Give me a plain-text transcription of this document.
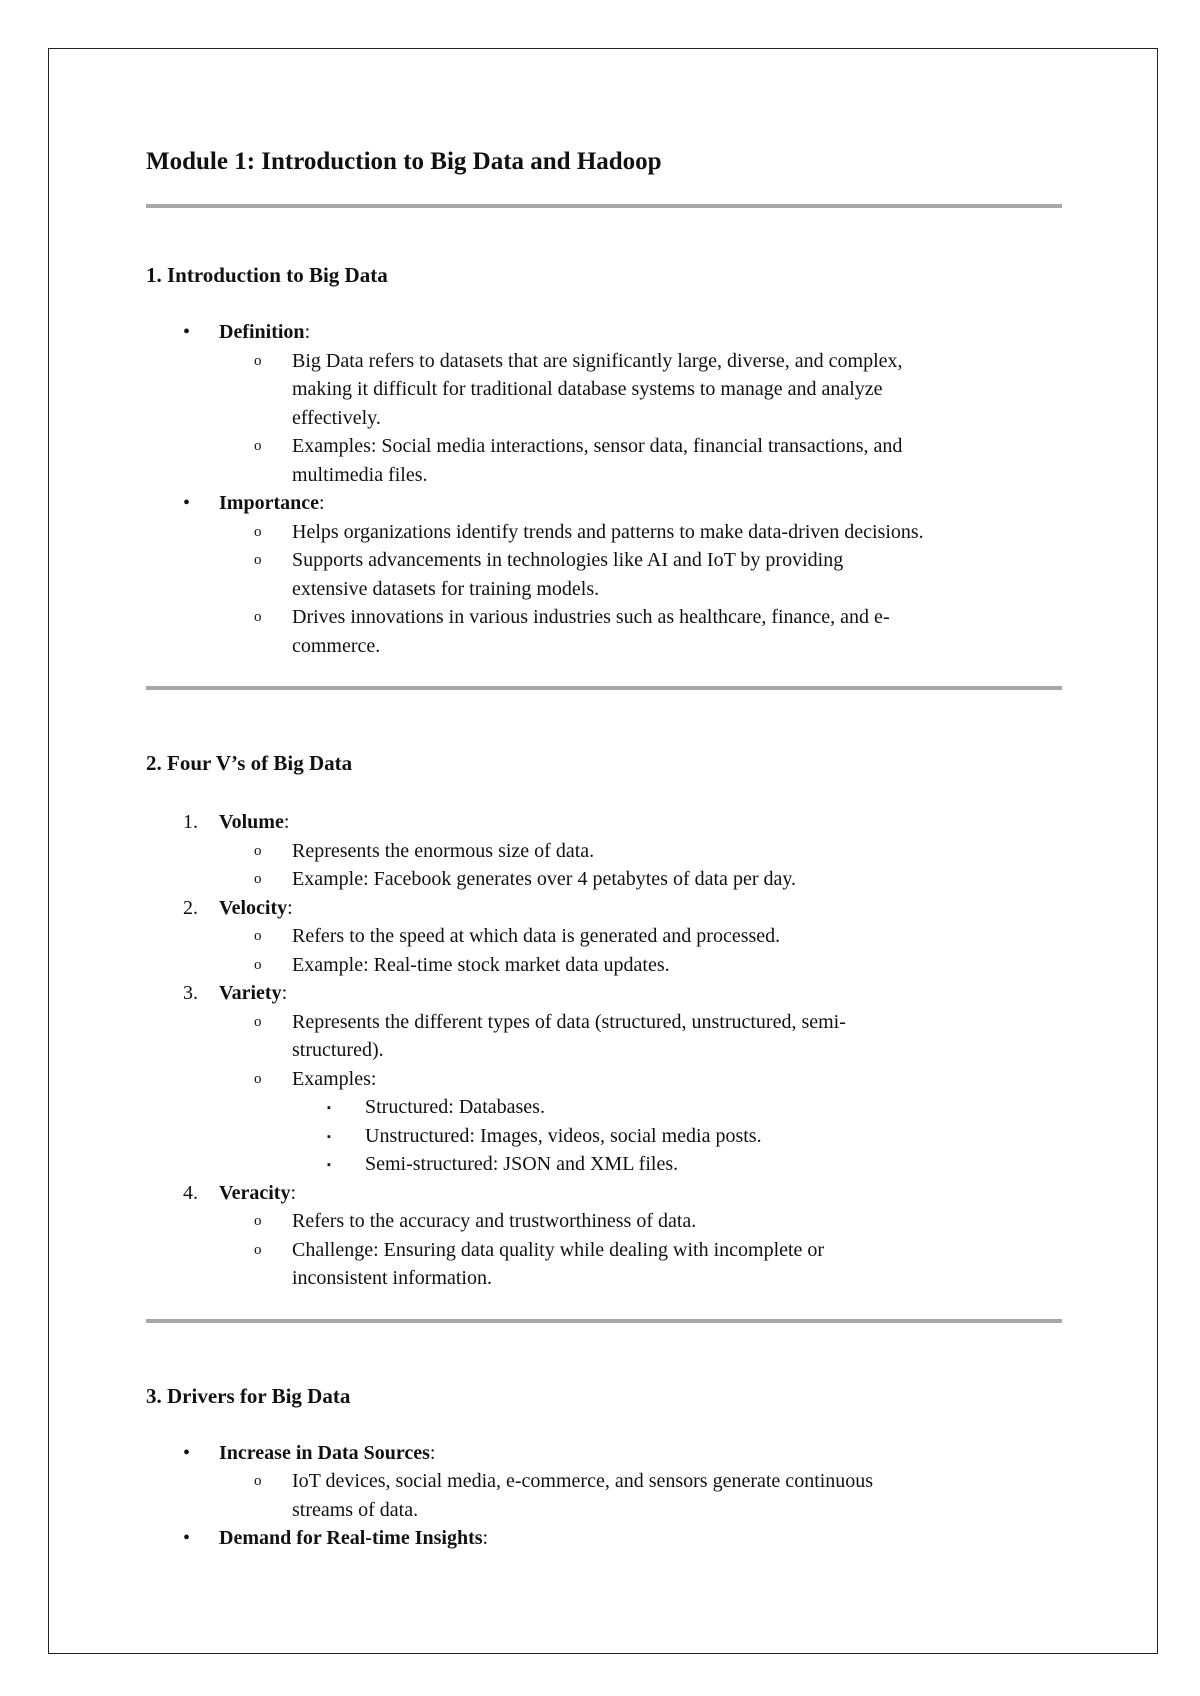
Module 1: Introduction to Big Data and Hadoop
1. Introduction to Big Data
• Definition:
o Big Data refers to datasets that are significantly large, diverse, and complex,
making it difficult for traditional database systems to manage and analyze
effectively.
o Examples: Social media interactions, sensor data, financial transactions, and
multimedia files.
• Importance:
o Helps organizations identify trends and patterns to make data-driven decisions.
o Supports advancements in technologies like AI and IoT by providing
extensive datasets for training models.
o Drives innovations in various industries such as healthcare, finance, and e-
commerce.
2. Four V’s of Big Data
1. Volume:
o Represents the enormous size of data.
o Example: Facebook generates over 4 petabytes of data per day.
2. Velocity:
o Refers to the speed at which data is generated and processed.
o Example: Real-time stock market data updates.
3. Variety:
o Represents the different types of data (structured, unstructured, semi-
structured).
o Examples:
▪ Structured: Databases.
▪ Unstructured: Images, videos, social media posts.
▪ Semi-structured: JSON and XML files.
4. Veracity:
o Refers to the accuracy and trustworthiness of data.
o Challenge: Ensuring data quality while dealing with incomplete or
inconsistent information.
3. Drivers for Big Data
• Increase in Data Sources:
o IoT devices, social media, e-commerce, and sensors generate continuous
streams of data.
• Demand for Real-time Insights:
